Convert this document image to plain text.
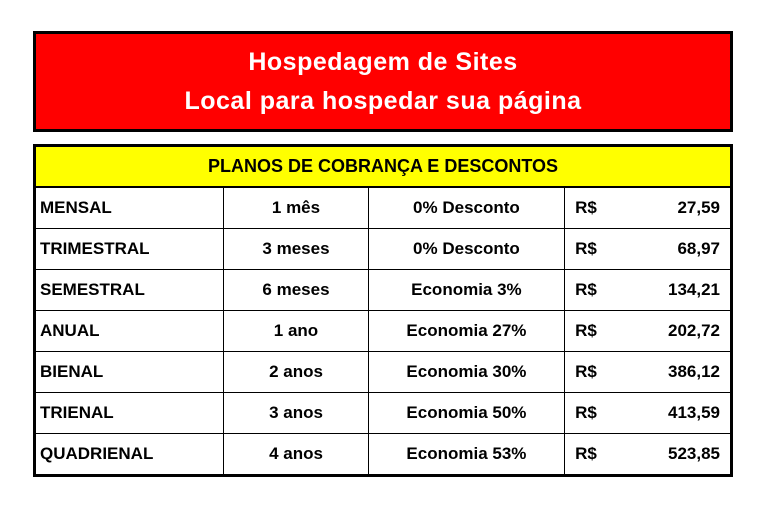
Hospedagem de Sites
Local para hospedar sua página
PLANOS DE COBRANÇA E DESCONTOS				
MENSAL	1 mês	0% Desconto	R$	27,59
TRIMESTRAL	3 meses	0% Desconto	R$	68,97
SEMESTRAL	6 meses	Economia 3%	R$	134,21
ANUAL	1 ano	Economia 27%	R$	202,72
BIENAL	2 anos	Economia 30%	R$	386,12
TRIENAL	3 anos	Economia 50%	R$	413,59
QUADRIENAL	4 anos	Economia 53%	R$	523,85
